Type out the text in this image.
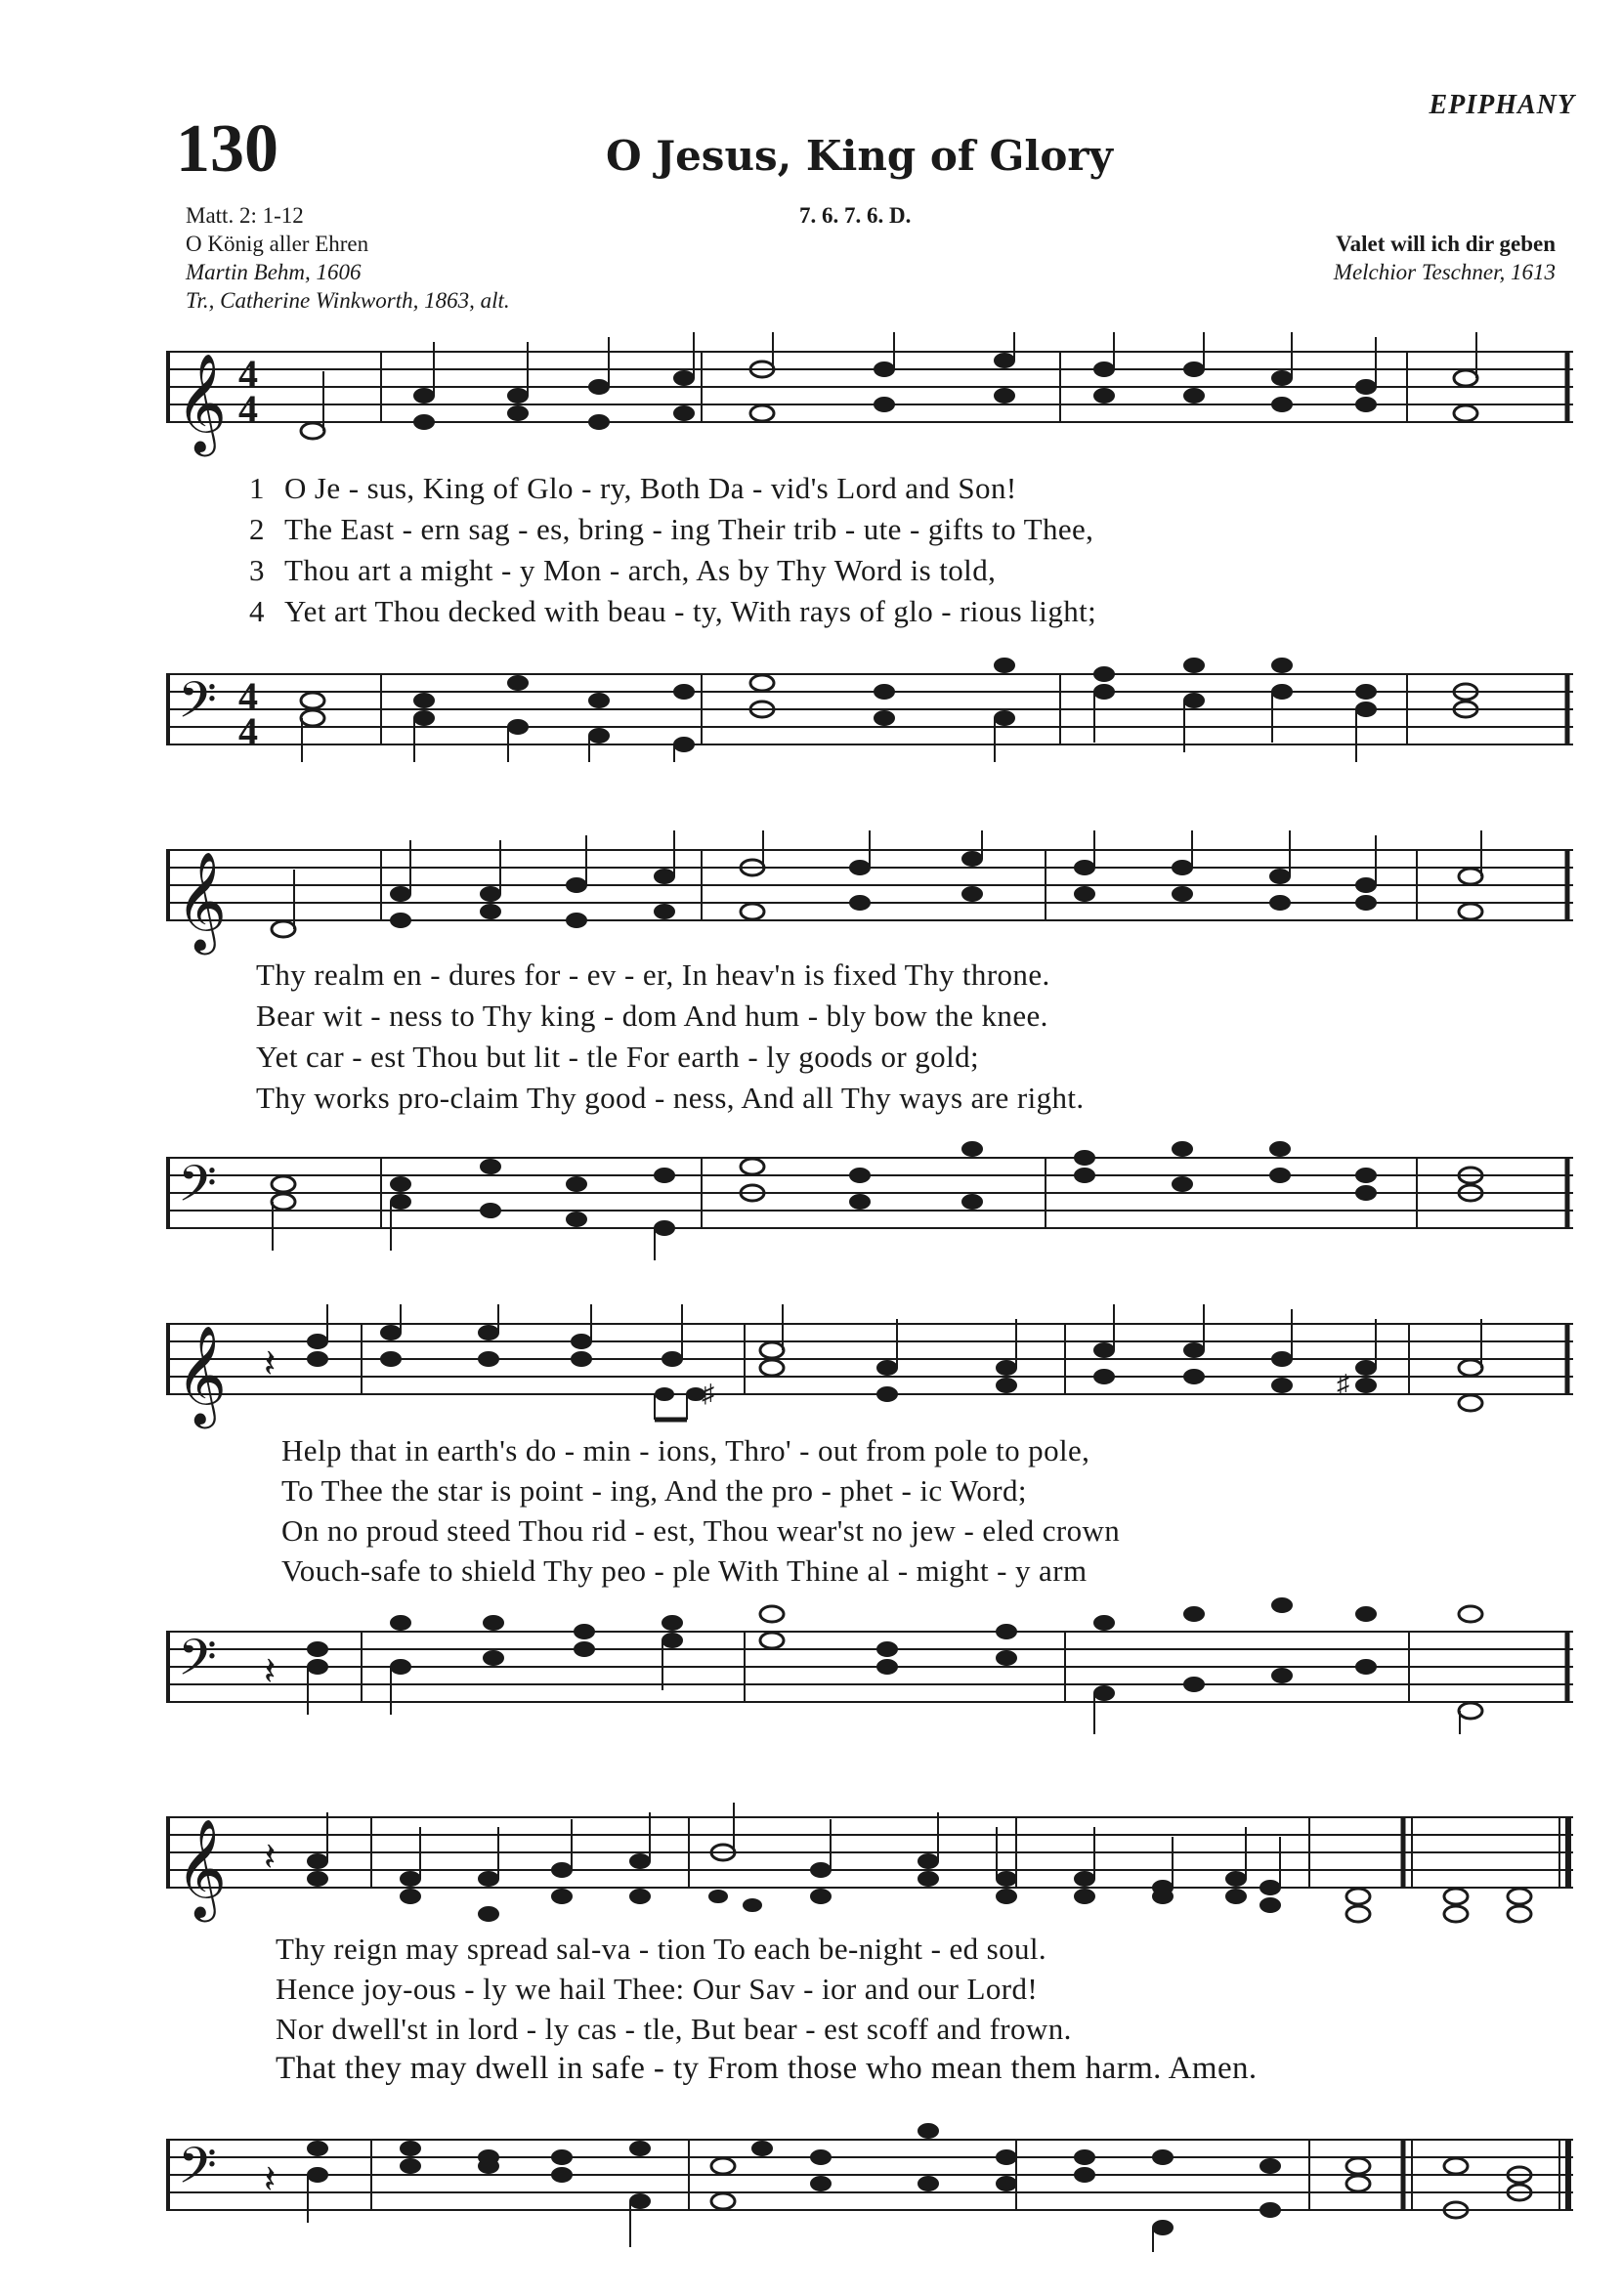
EPIPHANY
130	O Jesus, King of Glory
Matt. 2: 1-12
O König aller Ehren
Martin Behm, 1606
Tr., Catherine Winkworth, 1863, alt.
7. 6. 7. 6. D.
Valet will ich dir geben
Melchior Teschner, 1613
𝄞
𝄢
4
4
4
4
1 O Je - sus, King of Glo - ry, Both Da - vid's Lord and Son!
2 The East - ern sag - es, bring - ing Their trib - ute - gifts to Thee,
3 Thou art a might - y Mon - arch, As by Thy Word is told,
4 Yet art Thou decked with beau - ty, With rays of glo - rious light;
𝄞
𝄢
Thy realm en - dures for - ev - er, In heav'n is fixed Thy throne.
Bear wit - ness to Thy king - dom And hum - bly bow the knee.
Yet car - est Thou but lit - tle For earth - ly goods or gold;
Thy works pro-claim Thy good - ness, And all Thy ways are right.
𝄞
𝄢
𝄽
𝄽
♯	♯
Help that in earth's do - min - ions, Thro' - out from pole to pole,
To Thee the star is point - ing, And the pro - phet - ic Word;
On no proud steed Thou rid - est, Thou wear'st no jew - eled crown
Vouch-safe to shield Thy peo - ple With Thine al - might - y arm
𝄞
𝄢
𝄽
𝄽
Thy reign may spread sal-va - tion To each be-night - ed soul.
Hence joy-ous - ly we hail Thee: Our Sav - ior and our Lord!
Nor dwell'st in lord - ly cas - tle, But bear - est scoff and frown.
That they may dwell in safe - ty From those who mean them harm. Amen.
